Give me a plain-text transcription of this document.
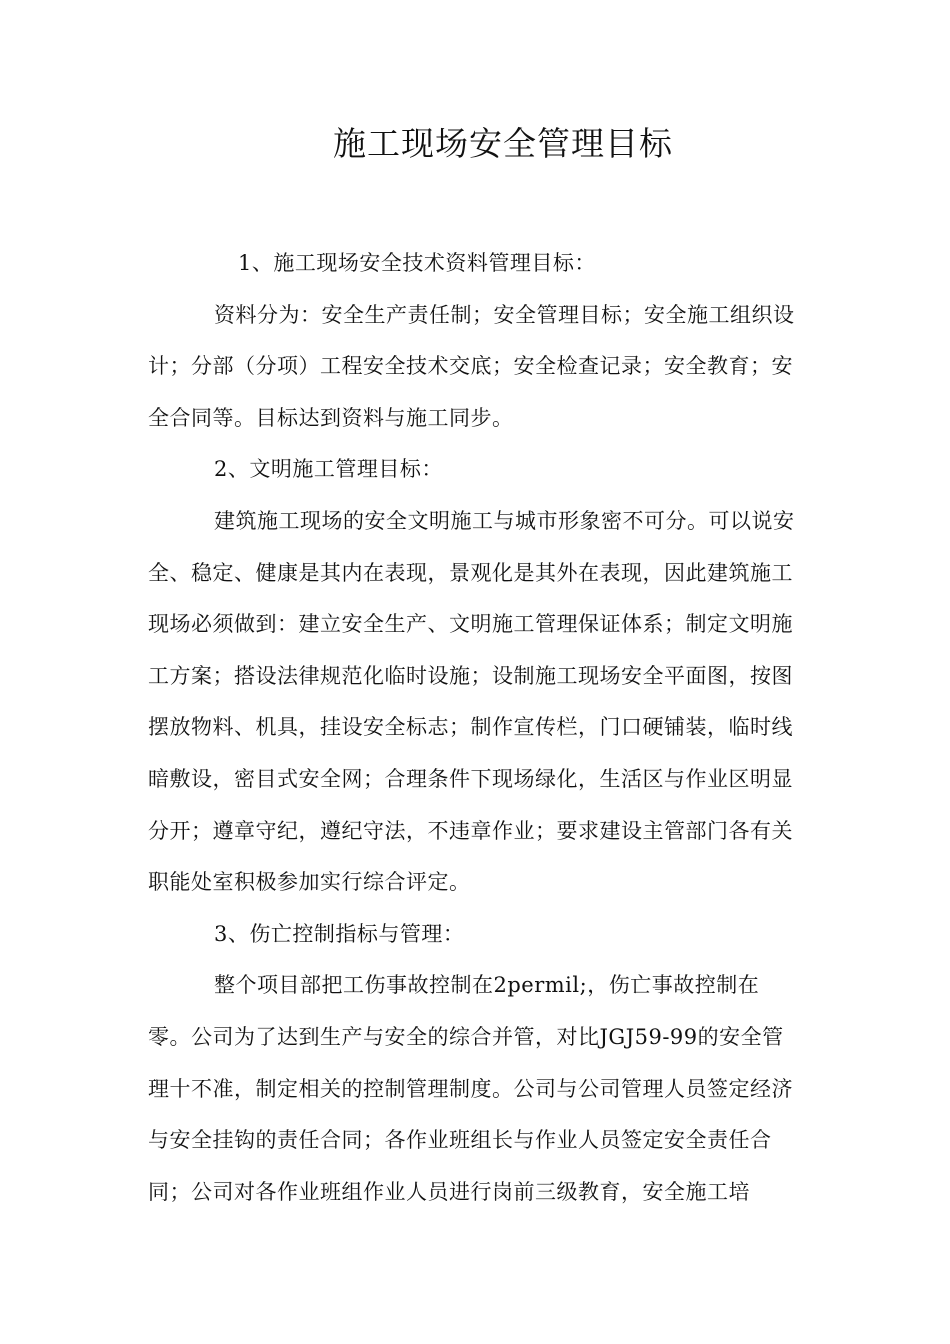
施工现场安全管理目标

1、施工现场安全技术资料管理目标：

资料分为：安全生产责任制；安全管理目标；安全施工组织设计；分部（分项）工程安全技术交底；安全检查记录；安全教育；安全合同等。目标达到资料与施工同步。

2、文明施工管理目标：

建筑施工现场的安全文明施工与城市形象密不可分。可以说安全、稳定、健康是其内在表现，景观化是其外在表现，因此建筑施工现场必须做到：建立安全生产、文明施工管理保证体系；制定文明施工方案；搭设法律规范化临时设施；设制施工现场安全平面图，按图摆放物料、机具，挂设安全标志；制作宣传栏，门口硬铺装，临时线暗敷设，密目式安全网；合理条件下现场绿化，生活区与作业区明显分开；遵章守纪，遵纪守法，不违章作业；要求建设主管部门各有关职能处室积极参加实行综合评定。

3、伤亡控制指标与管理：

整个项目部把工伤事故控制在2permil;，伤亡事故控制在零。公司为了达到生产与安全的综合并管，对比JGJ59-99的安全管理十不准，制定相关的控制管理制度。公司与公司管理人员签定经济与安全挂钩的责任合同；各作业班组长与作业人员签定安全责任合同；公司对各作业班组作业人员进行岗前三级教育，安全施工培
